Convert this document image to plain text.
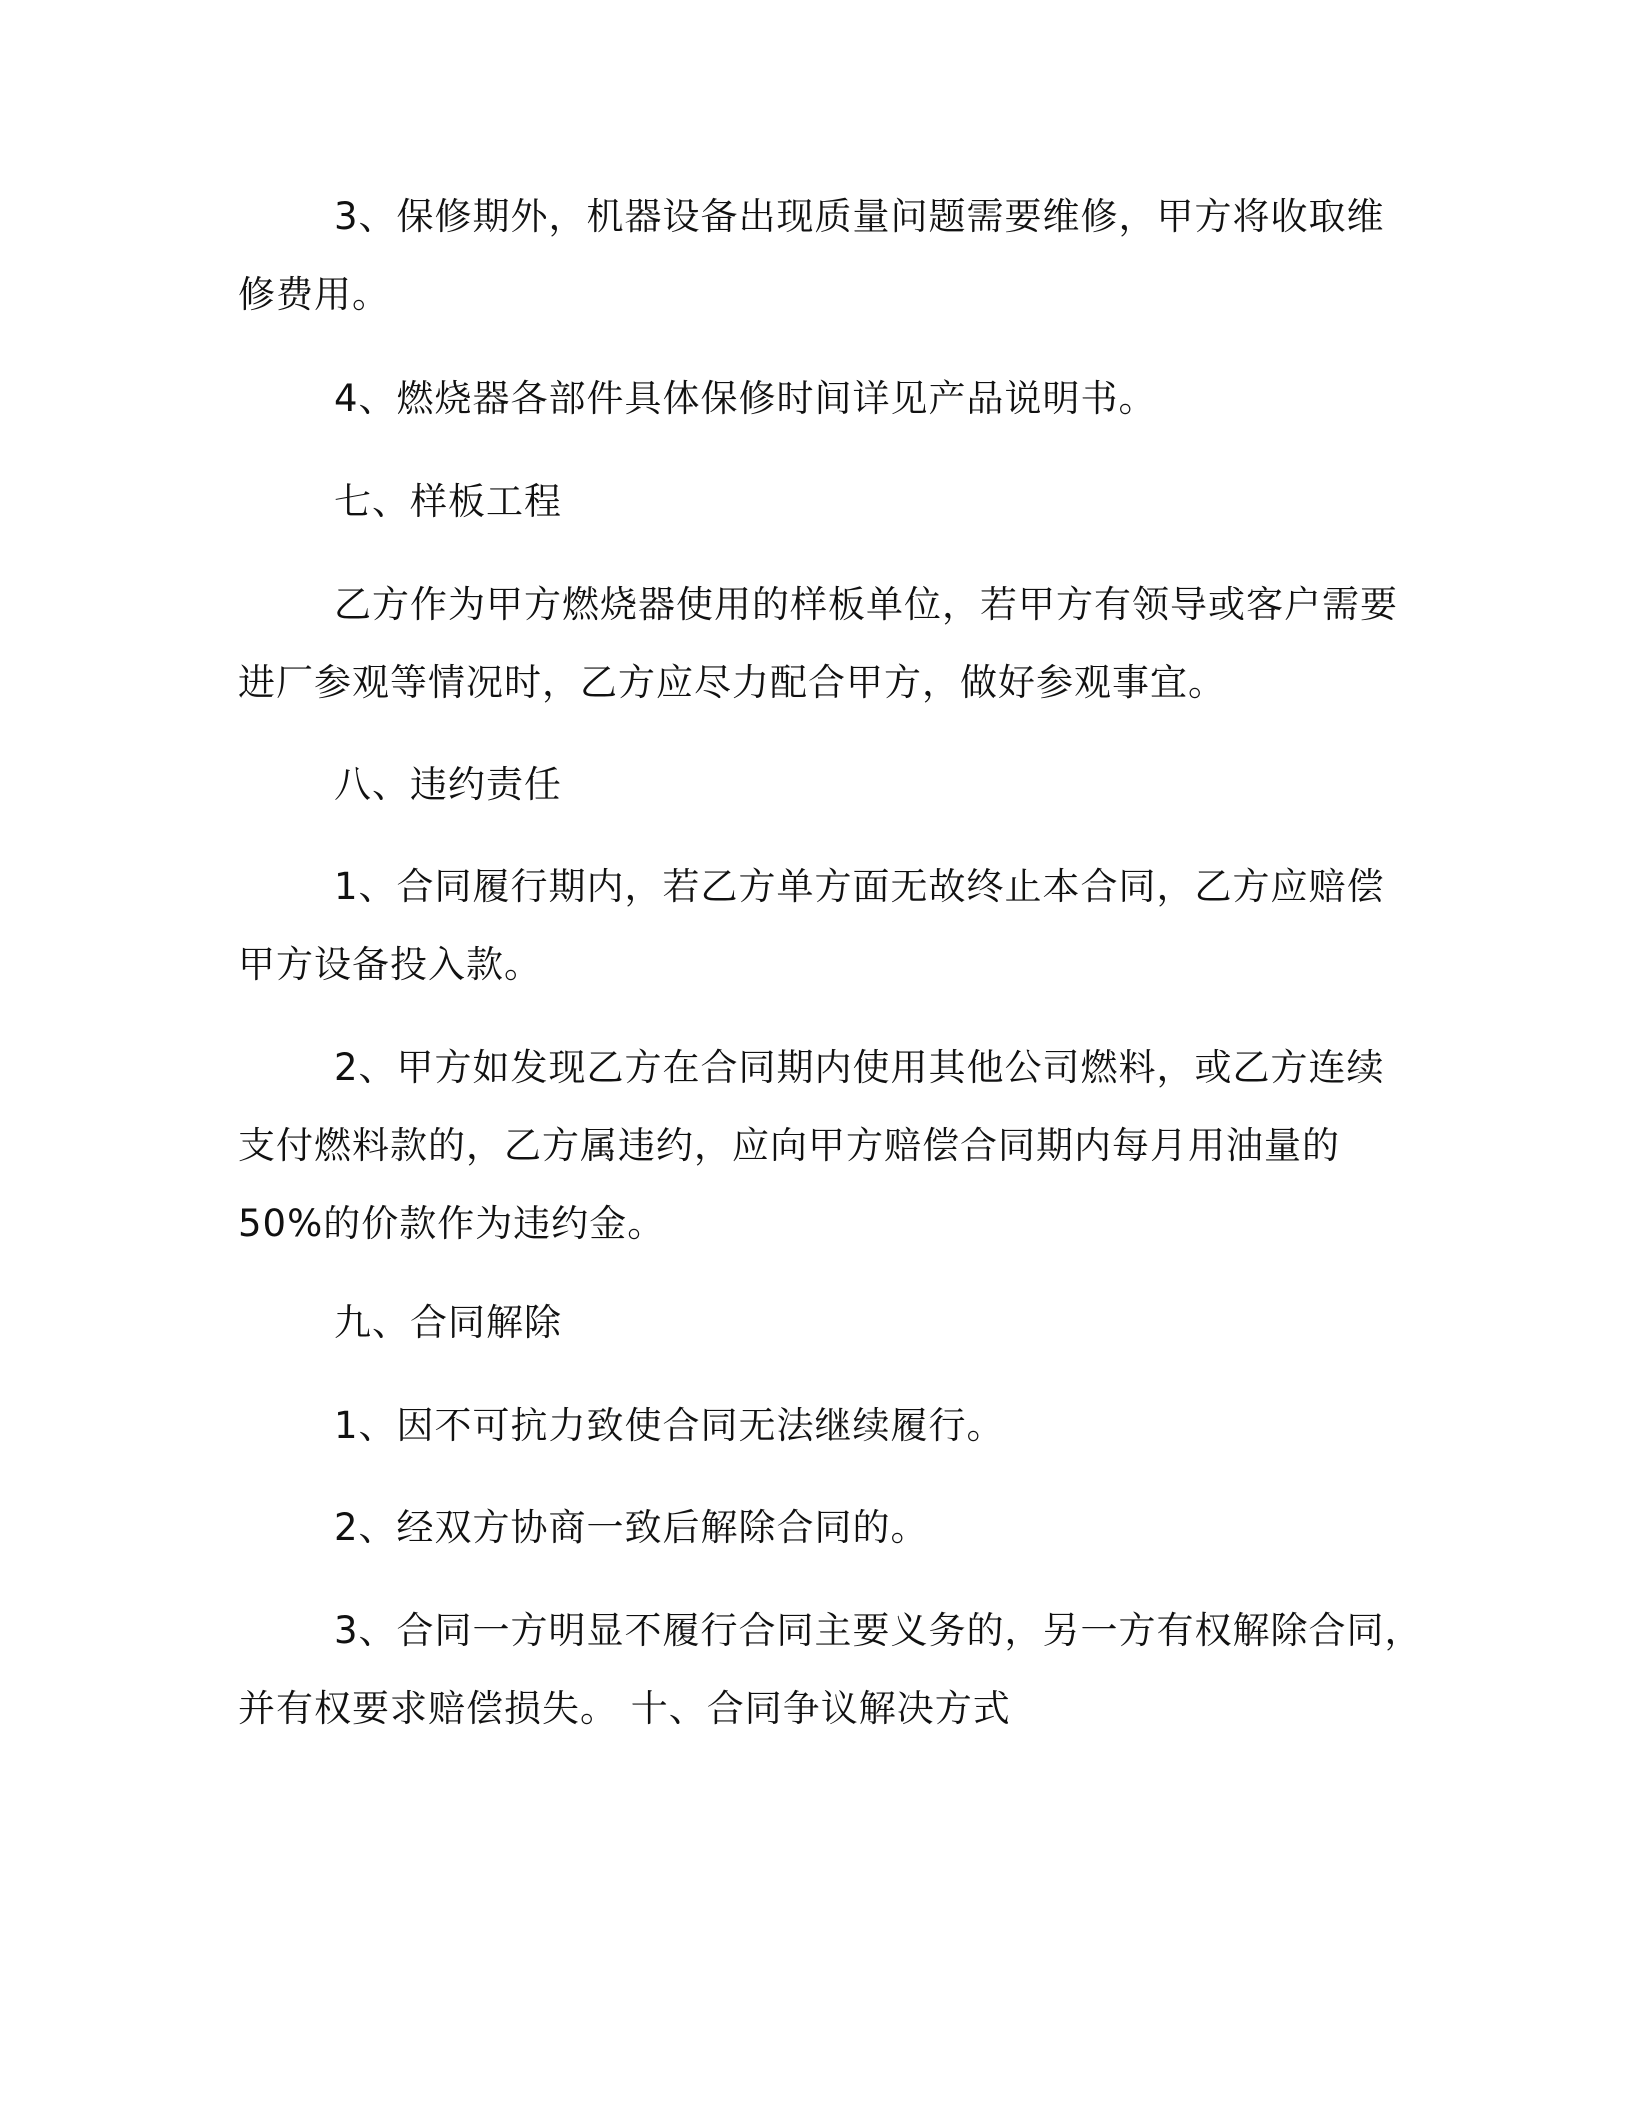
3、保修期外，机器设备出现质量问题需要维修，甲方将收取维
修费用。

4、燃烧器各部件具体保修时间详见产品说明书。

七、样板工程

乙方作为甲方燃烧器使用的样板单位，若甲方有领导或客户需要
进厂参观等情况时，乙方应尽力配合甲方，做好参观事宜。

八、违约责任

1、合同履行期内，若乙方单方面无故终止本合同，乙方应赔偿
甲方设备投入款。

2、甲方如发现乙方在合同期内使用其他公司燃料，或乙方连续
支付燃料款的，乙方属违约，应向甲方赔偿合同期内每月用油量的
50%的价款作为违约金。

九、合同解除

1、因不可抗力致使合同无法继续履行。

2、经双方协商一致后解除合同的。

3、合同一方明显不履行合同主要义务的，另一方有权解除合同，
并有权要求赔偿损失。 十、合同争议解决方式
